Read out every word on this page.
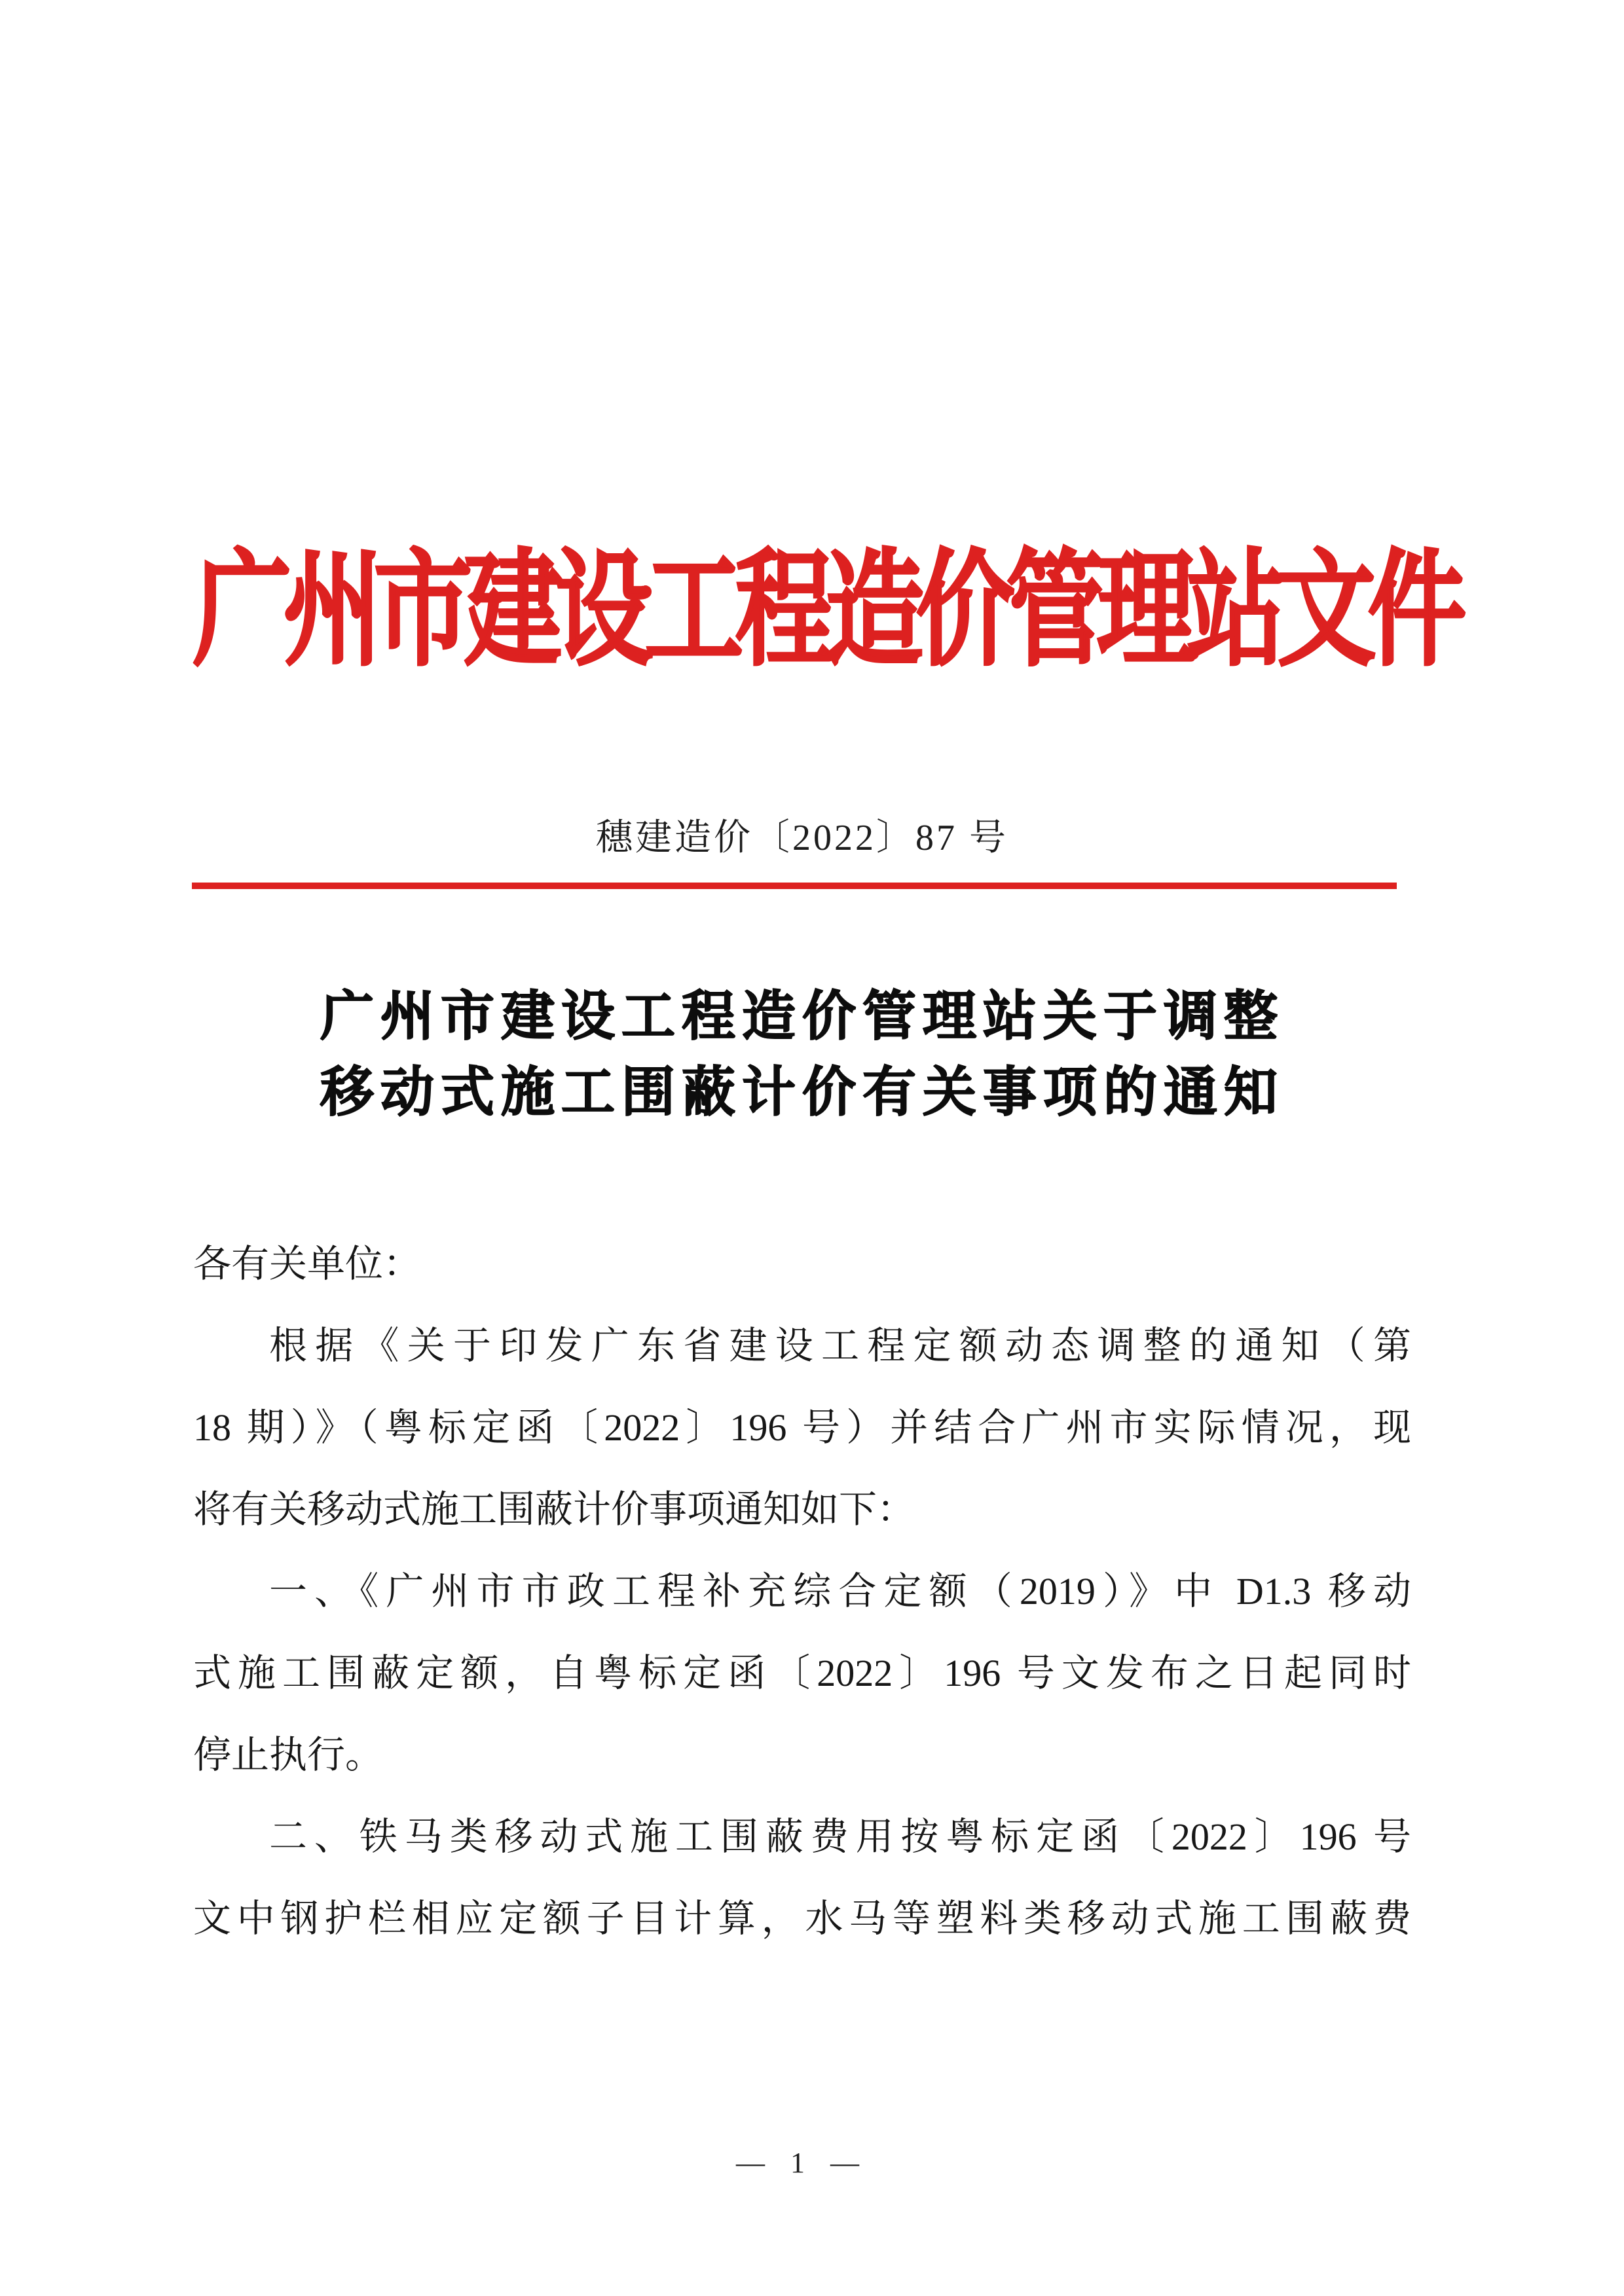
广州市建设工程造价管理站文件
穗建造价〔2022〕87 号
广州市建设工程造价管理站关于调整
移动式施工围蔽计价有关事项的通知
各有关单位：
根据《关于印发广东省建设工程定额动态调整的通知（第
18 期）》（粤标定函〔2022〕196 号）并结合广州市实际情况，现
将有关移动式施工围蔽计价事项通知如下：
一、《广州市市政工程补充综合定额（2019）》中 D1.3 移动
式施工围蔽定额，自粤标定函〔2022〕196 号文发布之日起同时
停止执行。
二、铁马类移动式施工围蔽费用按粤标定函〔2022〕196 号
文中钢护栏相应定额子目计算，水马等塑料类移动式施工围蔽费
— 1 —
